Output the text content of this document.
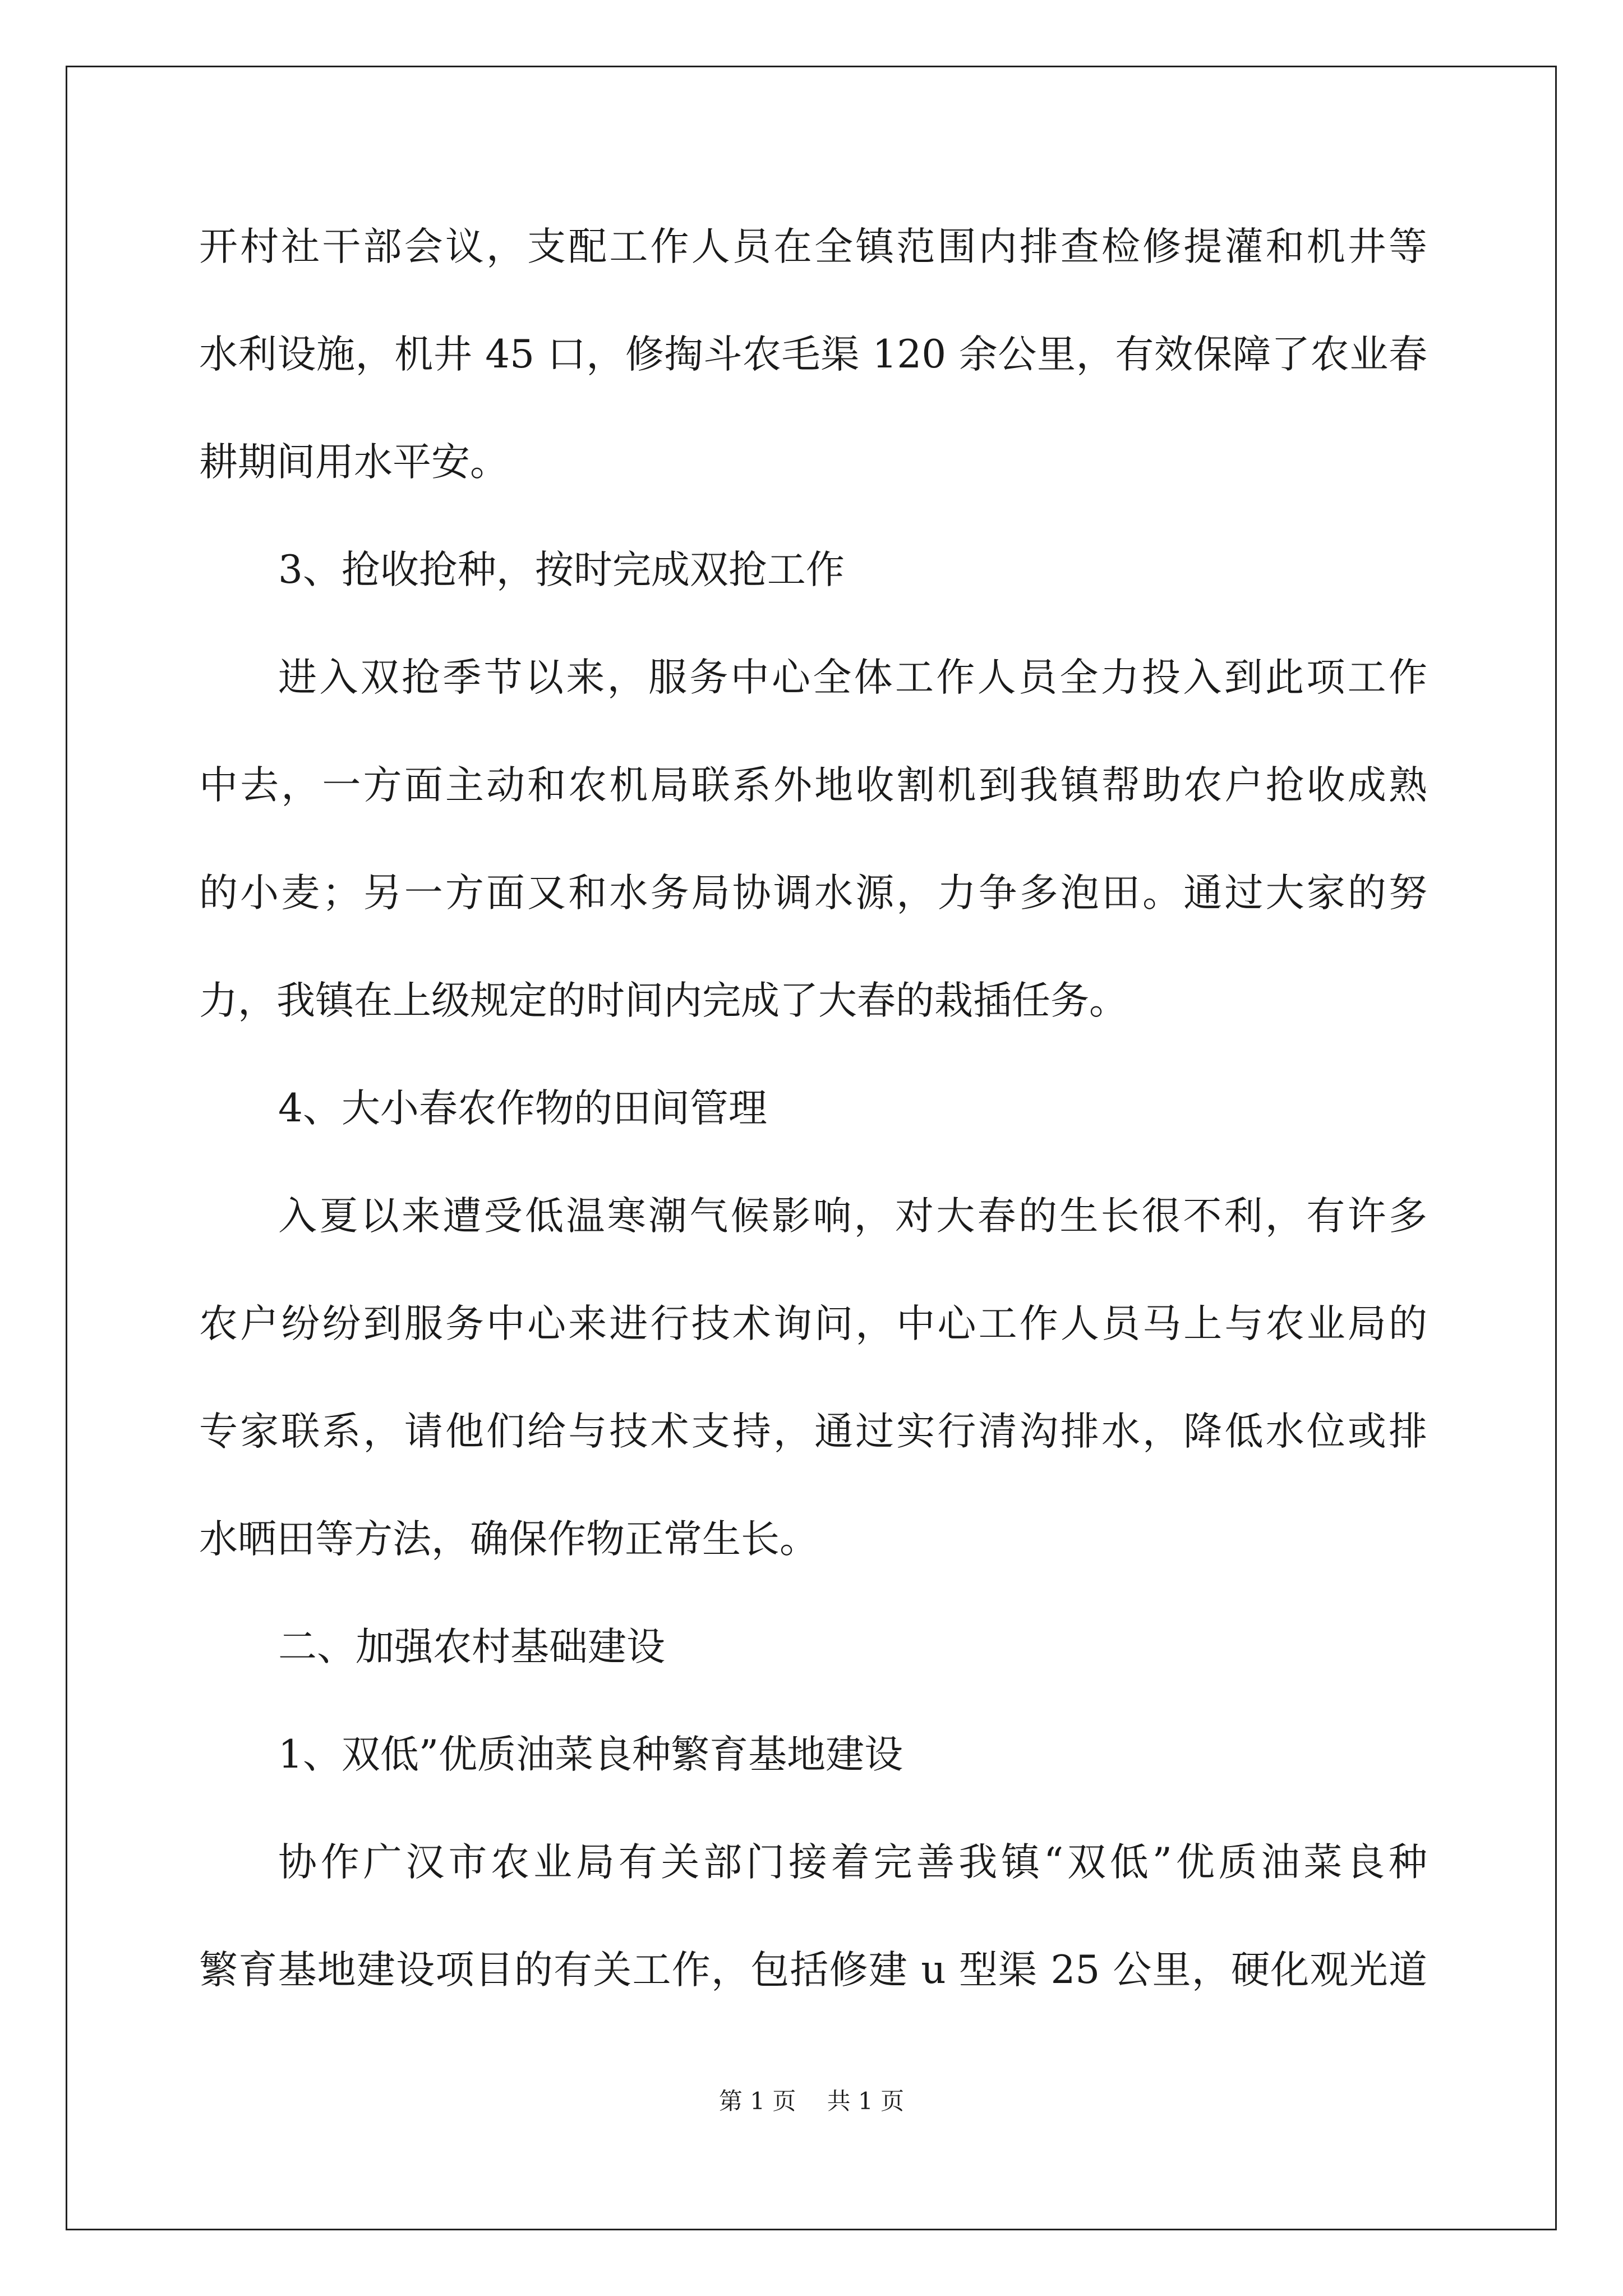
开村社干部会议，支配工作人员在全镇范围内排查检修提灌和机井等
水利设施，机井 45 口，修掏斗农毛渠 120 余公里，有效保障了农业春
耕期间用水平安。
3、抢收抢种，按时完成双抢工作
进入双抢季节以来，服务中心全体工作人员全力投入到此项工作
中去，一方面主动和农机局联系外地收割机到我镇帮助农户抢收成熟
的小麦；另一方面又和水务局协调水源，力争多泡田。通过大家的努
力，我镇在上级规定的时间内完成了大春的栽插任务。
4、大小春农作物的田间管理
入夏以来遭受低温寒潮气候影响，对大春的生长很不利，有许多
农户纷纷到服务中心来进行技术询问，中心工作人员马上与农业局的
专家联系，请他们给与技术支持，通过实行清沟排水，降低水位或排
水晒田等方法，确保作物正常生长。
二、加强农村基础建设
1、双低”优质油菜良种繁育基地建设
协作广汉市农业局有关部门接着完善我镇“双低”优质油菜良种
繁育基地建设项目的有关工作，包括修建 u 型渠 25 公里，硬化观光道
第 1 页　 共 1 页
